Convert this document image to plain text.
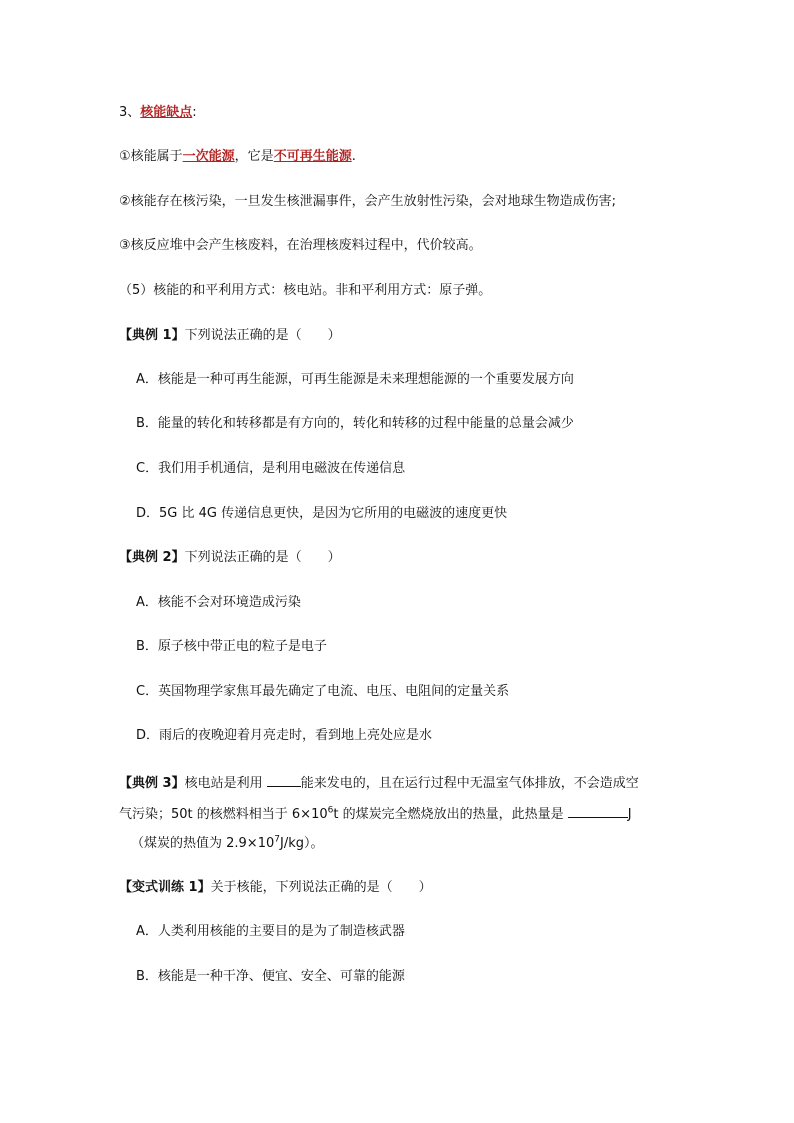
3、核能缺点:
①核能属于一次能源，它是不可再生能源.
②核能存在核污染，一旦发生核泄漏事件，会产生放射性污染，会对地球生物造成伤害;
③核反应堆中会产生核废料，在治理核废料过程中，代价较高。
（5）核能的和平利用方式：核电站。非和平利用方式：原子弹。
【典例 1】下列说法正确的是（　　）
A．核能是一种可再生能源，可再生能源是未来理想能源的一个重要发展方向
B．能量的转化和转移都是有方向的，转化和转移的过程中能量的总量会减少
C．我们用手机通信，是利用电磁波在传递信息
D．5G 比 4G 传递信息更快，是因为它所用的电磁波的速度更快
【典例 2】下列说法正确的是（　　）
A．核能不会对环境造成污染
B．原子核中带正电的粒子是电子
C．英国物理学家焦耳最先确定了电流、电压、电阻间的定量关系
D．雨后的夜晚迎着月亮走时，看到地上亮处应是水
【典例 3】核电站是利用	能来发电的，且在运行过程中无温室气体排放，不会造成空
气污染；50t 的核燃料相当于 $6\times 10^6t$ 的煤炭完全燃烧放出的热量，此热量是	J
（煤炭的热值为 $2.9\times 10^7J/kg$）。
【变式训练 1】关于核能，下列说法正确的是（　　）
A．人类利用核能的主要目的是为了制造核武器
B．核能是一种干净、便宜、安全、可靠的能源
